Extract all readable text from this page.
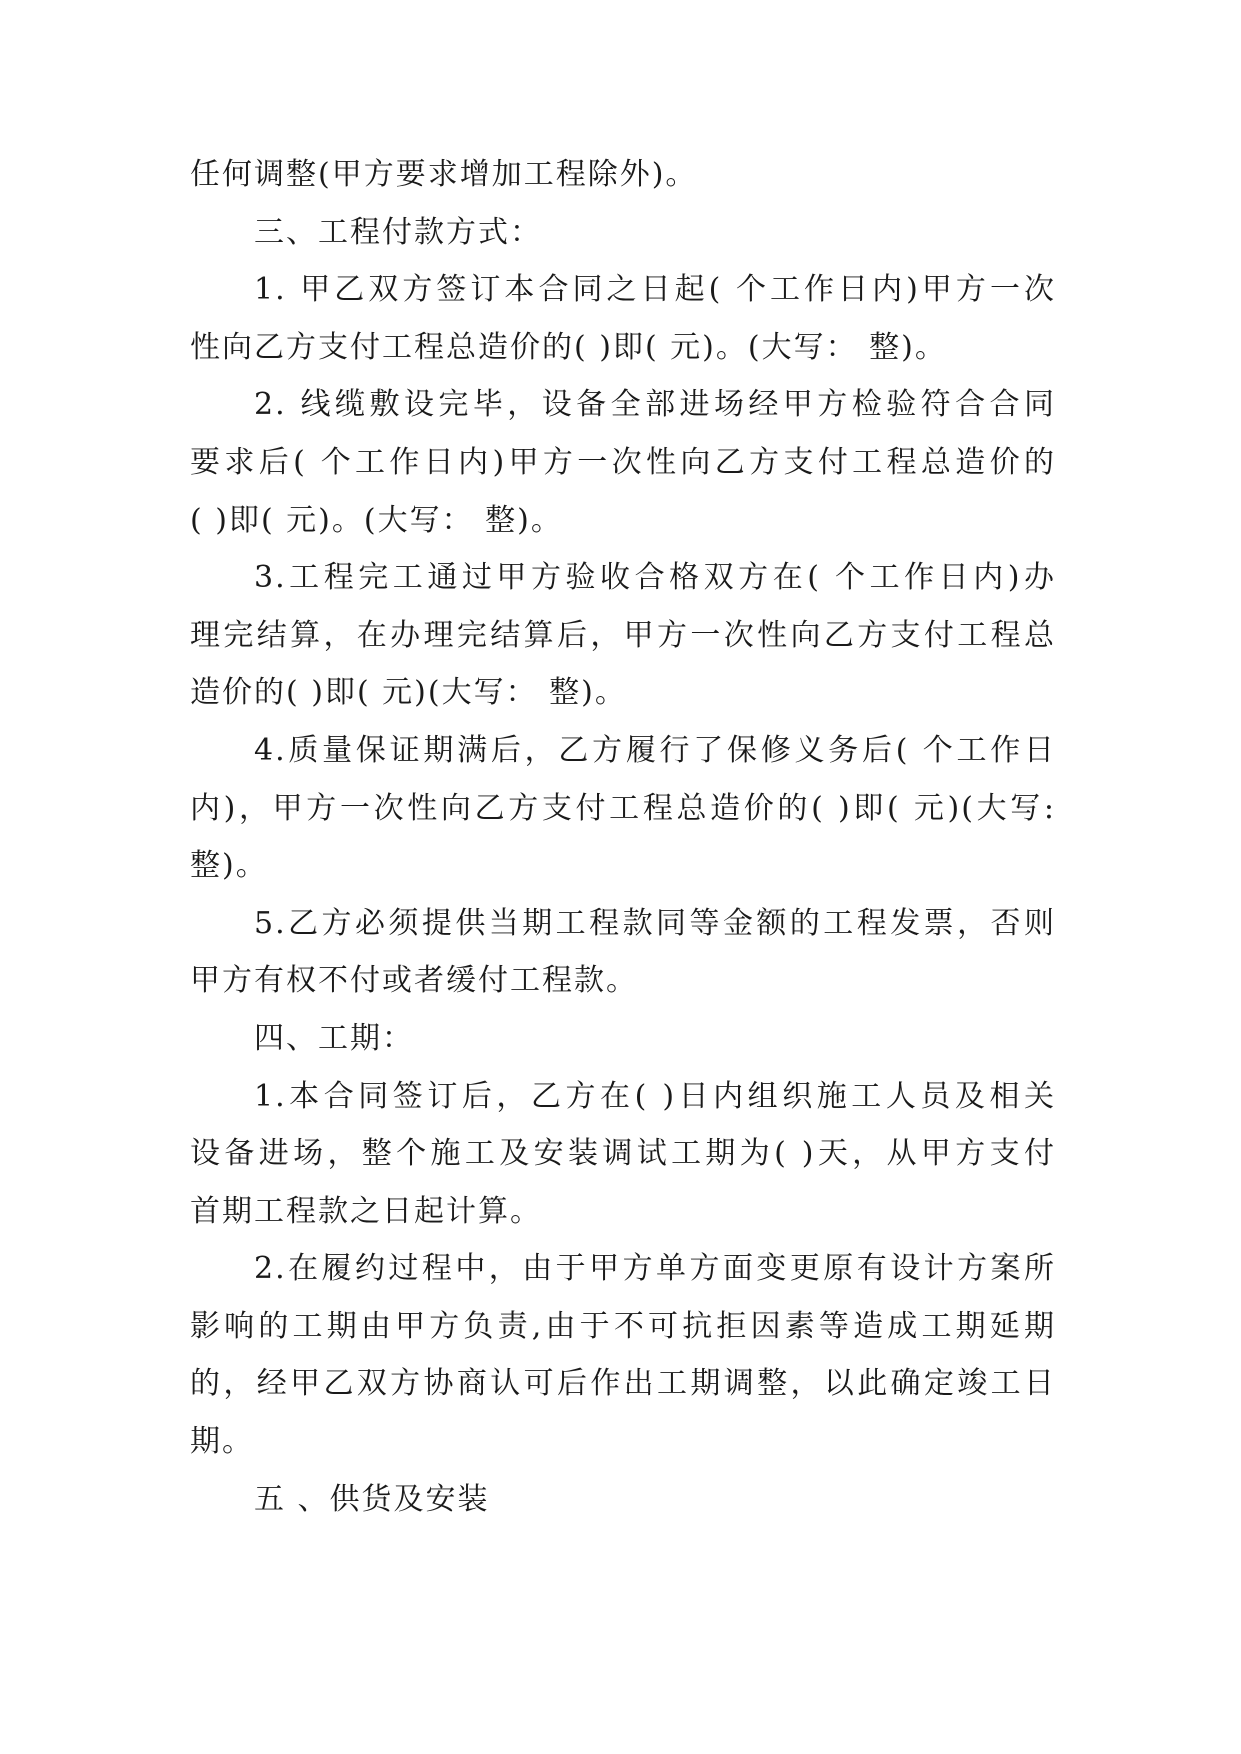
任何调整(甲方要求增加工程除外)。
三、工程付款方式：
1. 甲乙双方签订本合同之日起( 个工作日内)甲方一次
性向乙方支付工程总造价的( )即( 元)。(大写： 整)。
2. 线缆敷设完毕，设备全部进场经甲方检验符合合同
要求后( 个工作日内)甲方一次性向乙方支付工程总造价的
( )即( 元)。(大写： 整)。
3.工程完工通过甲方验收合格双方在( 个工作日内)办
理完结算，在办理完结算后，甲方一次性向乙方支付工程总
造价的( )即( 元)(大写： 整)。
4.质量保证期满后，乙方履行了保修义务后( 个工作日
内)，甲方一次性向乙方支付工程总造价的( )即( 元)(大写:
整)。
5.乙方必须提供当期工程款同等金额的工程发票，否则
甲方有权不付或者缓付工程款。
四、工期：
1.本合同签订后，乙方在( )日内组织施工人员及相关
设备进场，整个施工及安装调试工期为( )天，从甲方支付
首期工程款之日起计算。
2.在履约过程中，由于甲方单方面变更原有设计方案所
影响的工期由甲方负责,由于不可抗拒因素等造成工期延期
的，经甲乙双方协商认可后作出工期调整，以此确定竣工日
期。
五 、供货及安装
